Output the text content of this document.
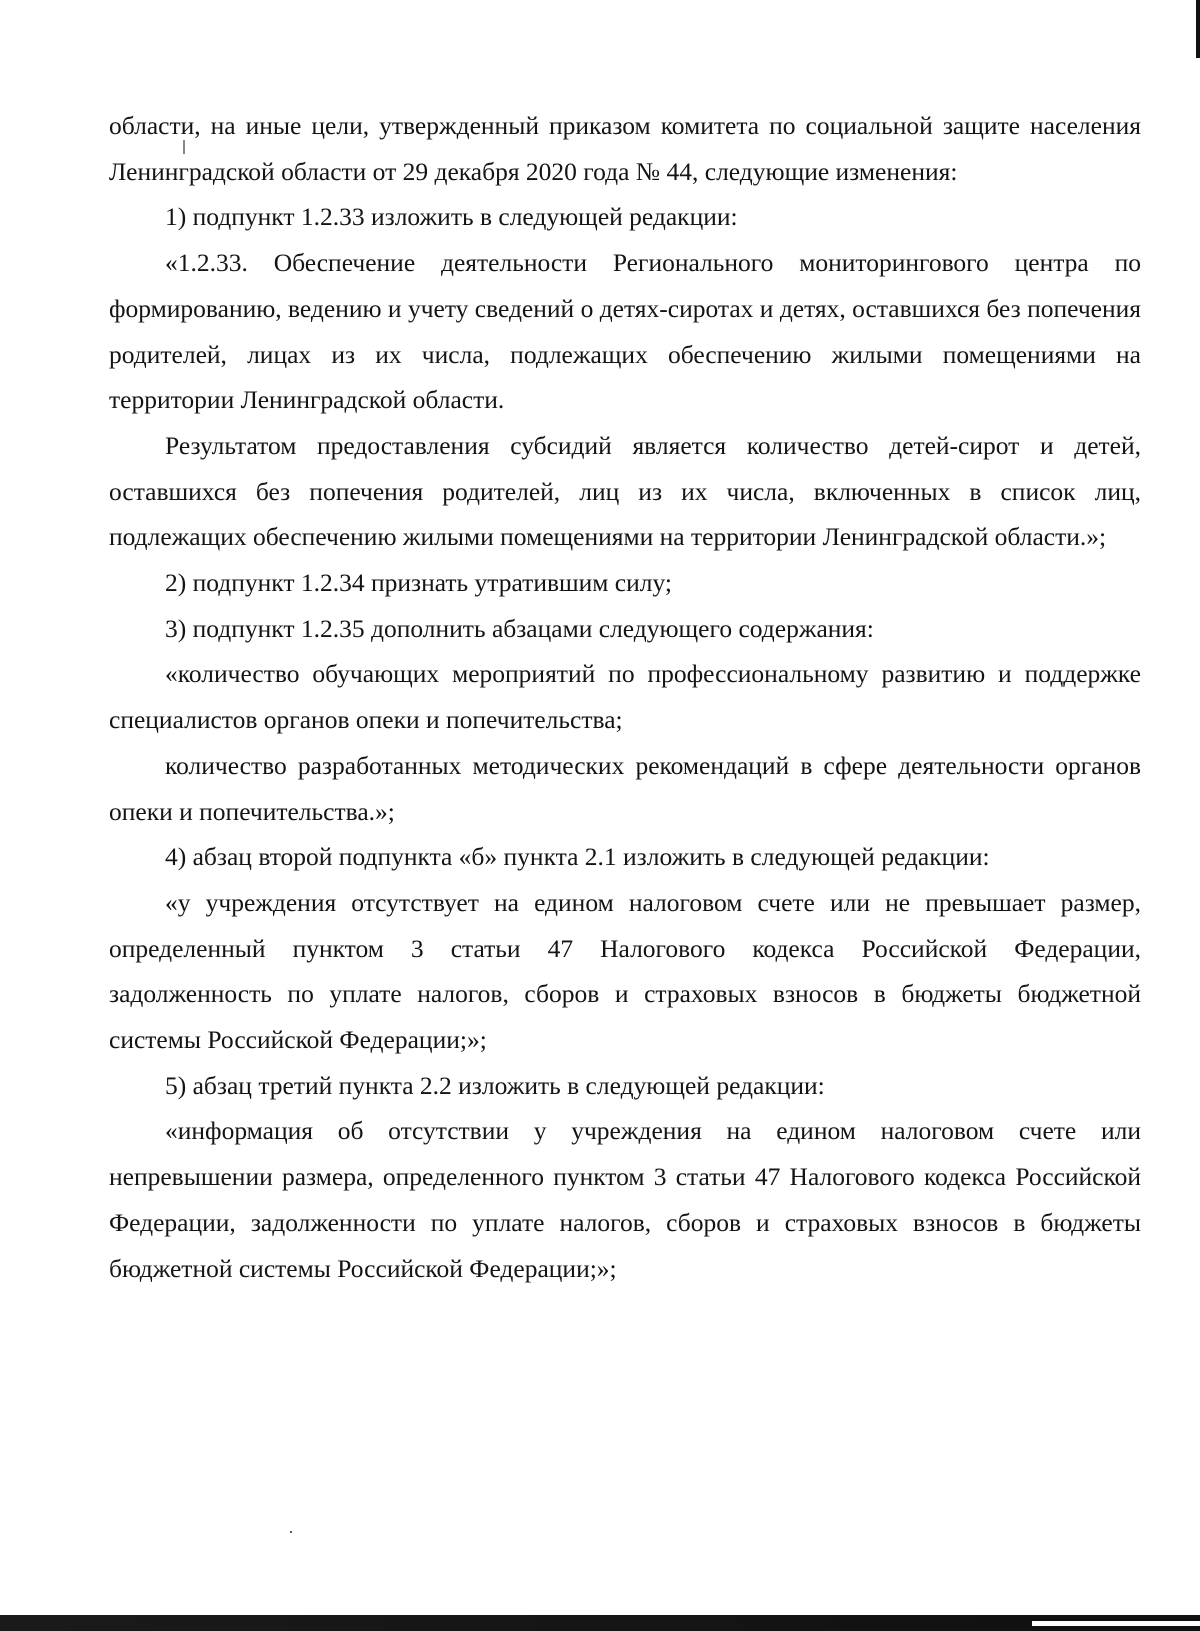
области, на иные цели, утвержденный приказом комитета по социальной защите населения Ленинградской области от 29 декабря 2020 года № 44, следующие изменения:

1) подпункт 1.2.33 изложить в следующей редакции:

«1.2.33. Обеспечение деятельности Регионального мониторингового центра по формированию, ведению и учету сведений о детях-сиротах и детях, оставшихся без попечения родителей, лицах из их числа, подлежащих обеспечению жилыми помещениями на территории Ленинградской области.

Результатом предоставления субсидий является количество детей-сирот и детей, оставшихся без попечения родителей, лиц из их числа, включенных в список лиц, подлежащих обеспечению жилыми помещениями на территории Ленинградской области.»;

2) подпункт 1.2.34 признать утратившим силу;

3) подпункт 1.2.35 дополнить абзацами следующего содержания:

«количество обучающих мероприятий по профессиональному развитию и поддержке специалистов органов опеки и попечительства;

количество разработанных методических рекомендаций в сфере деятельности органов опеки и попечительства.»;

4) абзац второй подпункта «б» пункта 2.1 изложить в следующей редакции:

«у учреждения отсутствует на едином налоговом счете или не превышает размер, определенный пунктом 3 статьи 47 Налогового кодекса Российской Федерации, задолженность по уплате налогов, сборов и страховых взносов в бюджеты бюджетной системы Российской Федерации;»;

5) абзац третий пункта 2.2 изложить в следующей редакции:

«информация об отсутствии у учреждения на едином налоговом счете или непревышении размера, определенного пунктом 3 статьи 47 Налогового кодекса Российской Федерации, задолженности по уплате налогов, сборов и страховых взносов в бюджеты бюджетной системы Российской Федерации;»;
